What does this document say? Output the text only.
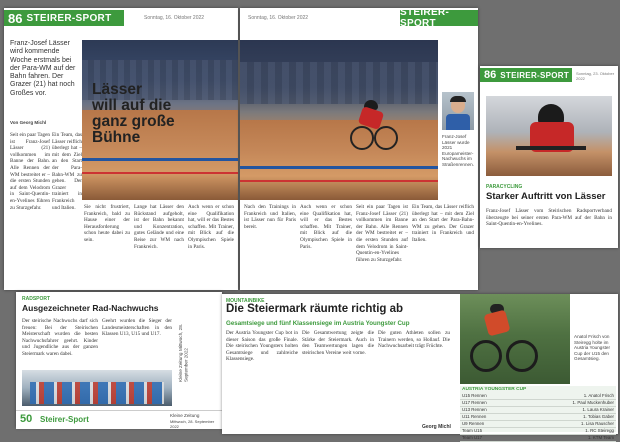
86 STEIRER-SPORT	Sonntag, 16. Oktober 2022
Franz-Josef Lässer wird kommende Woche erstmals bei der Para-WM auf der Bahn fahren. Der Grazer (21) hat noch Großes vor.
Von Georg Michl
Seit ein paar Tagen ist Franz-Josef Lässer (21) vollkommen im Banne der Bahn. Alle Rennen der WM bestreitet er – die ersten Stunden auf dem Velodrom in Saint-Quentin-en-Yvelines führen zu Sturzgefahr.
Ein Team, das Lässer reiflich überlegt hat – mit dem Ziel an den Start der Para-Bahn-WM zu gehen. Der Grazer trainiert in Frankreich und Italien.
Lässer
will auf die
ganz große
Bühne
Sie nicht frustriert, Frankreich, bald zu Hause einer der Herausforderung schon heute dabei zu sein.
Lange hat Lässer den Rückstand aufgeholt, ist der Bahn bekannt und Konzentration, gutes Gelände und eine Reise zur WM nach Frankreich.
Auch wenn er schon eine Qualifikation hat, will er das Bestes schaffen. Mit Trainer, mit Blick auf die Olympischen Spiele in Paris.
Sonntag, 16. Oktober 2022	STEIRER-SPORT
Franz-Josef Lässer wurde 2021 Europameister-Nachwuchs im Straßenrennen.
Nach den Trainings in Frankreich und Italien, ist Lässer nun für Paris bereit.
Auch wenn er schon eine Qualifikation hat, will er das Bestes schaffen. Mit Trainer, mit Blick auf die Olympischen Spiele in Paris.
Seit ein paar Tagen ist Franz-Josef Lässer (21) vollkommen im Banne der Bahn. Alle Rennen der WM bestreitet er – die ersten Stunden auf dem Velodrom in Saint-Quentin-en-Yvelines führen zu Sturzgefahr.
Ein Team, das Lässer reiflich überlegt hat – mit dem Ziel an den Start der Para-Bahn-WM zu gehen. Der Grazer trainiert in Frankreich und Italien.
86 STEIRER-SPORT Sonntag, 23. Oktober 2022
PARACYCLING
Starker Auftritt von Lässer
Franz-Josef Lässer vom Steirischen Radsportverband überzeugte bei seiner ersten Para-WM auf der Bahn in Saint-Quentin-en-Yvelines.
RADSPORT
Ausgezeichneter Rad-Nachwuchs
Der steirische Nachwuchs darf sich freuen: Bei der Steirischen Meisterschaft wurden die besten Nachwuchsfahrer geehrt. Kinder und Jugendliche aus der ganzen Steiermark waren dabei.
Geehrt wurden die Sieger der Landesmeisterschaften in den Klassen U13, U15 und U17.
Kleine Zeitung Mittwoch, 28. September 2022
50 Steirer-Sport	Kleine Zeitung
Mittwoch, 28. September 2022
MOUNTAINBIKE
Die Steiermark räumte richtig ab
Gesamtsiege und fünf Klassensiege im Austria Youngster Cup
Der Austria Youngster Cup bot in dieser Saison das große Finale. Die steirischen Youngsters holten Gesamtsiege und zahlreiche Klassensiege.
Die Gesamtwertung zeigte die Stärke der Steiermark. Auch in den Teamwertungen lagen die steirischen Vereine weit vorne.
Die guten Athleten sollen zu Trainern werden, so Hollauf. Die Nachwuchsarbeit trägt Früchte.
Georg Michl
Anatol Frisch von Steiregg holte im Austria Youngster Cup der U15 den Gesamtsieg.
AUSTRIA YOUNGSTER CUP
U15 Rennen	1. Anatol Frisch
U17 Rennen	1. Paul Muckenhuber
U13 Rennen	1. Laura Krainer
U11 Rennen	1. Tobias Gaber
U9 Rennen	1. Lisa Rauscher
Team U15	1. RC Steiregg
Team U17	1. KTM Team
